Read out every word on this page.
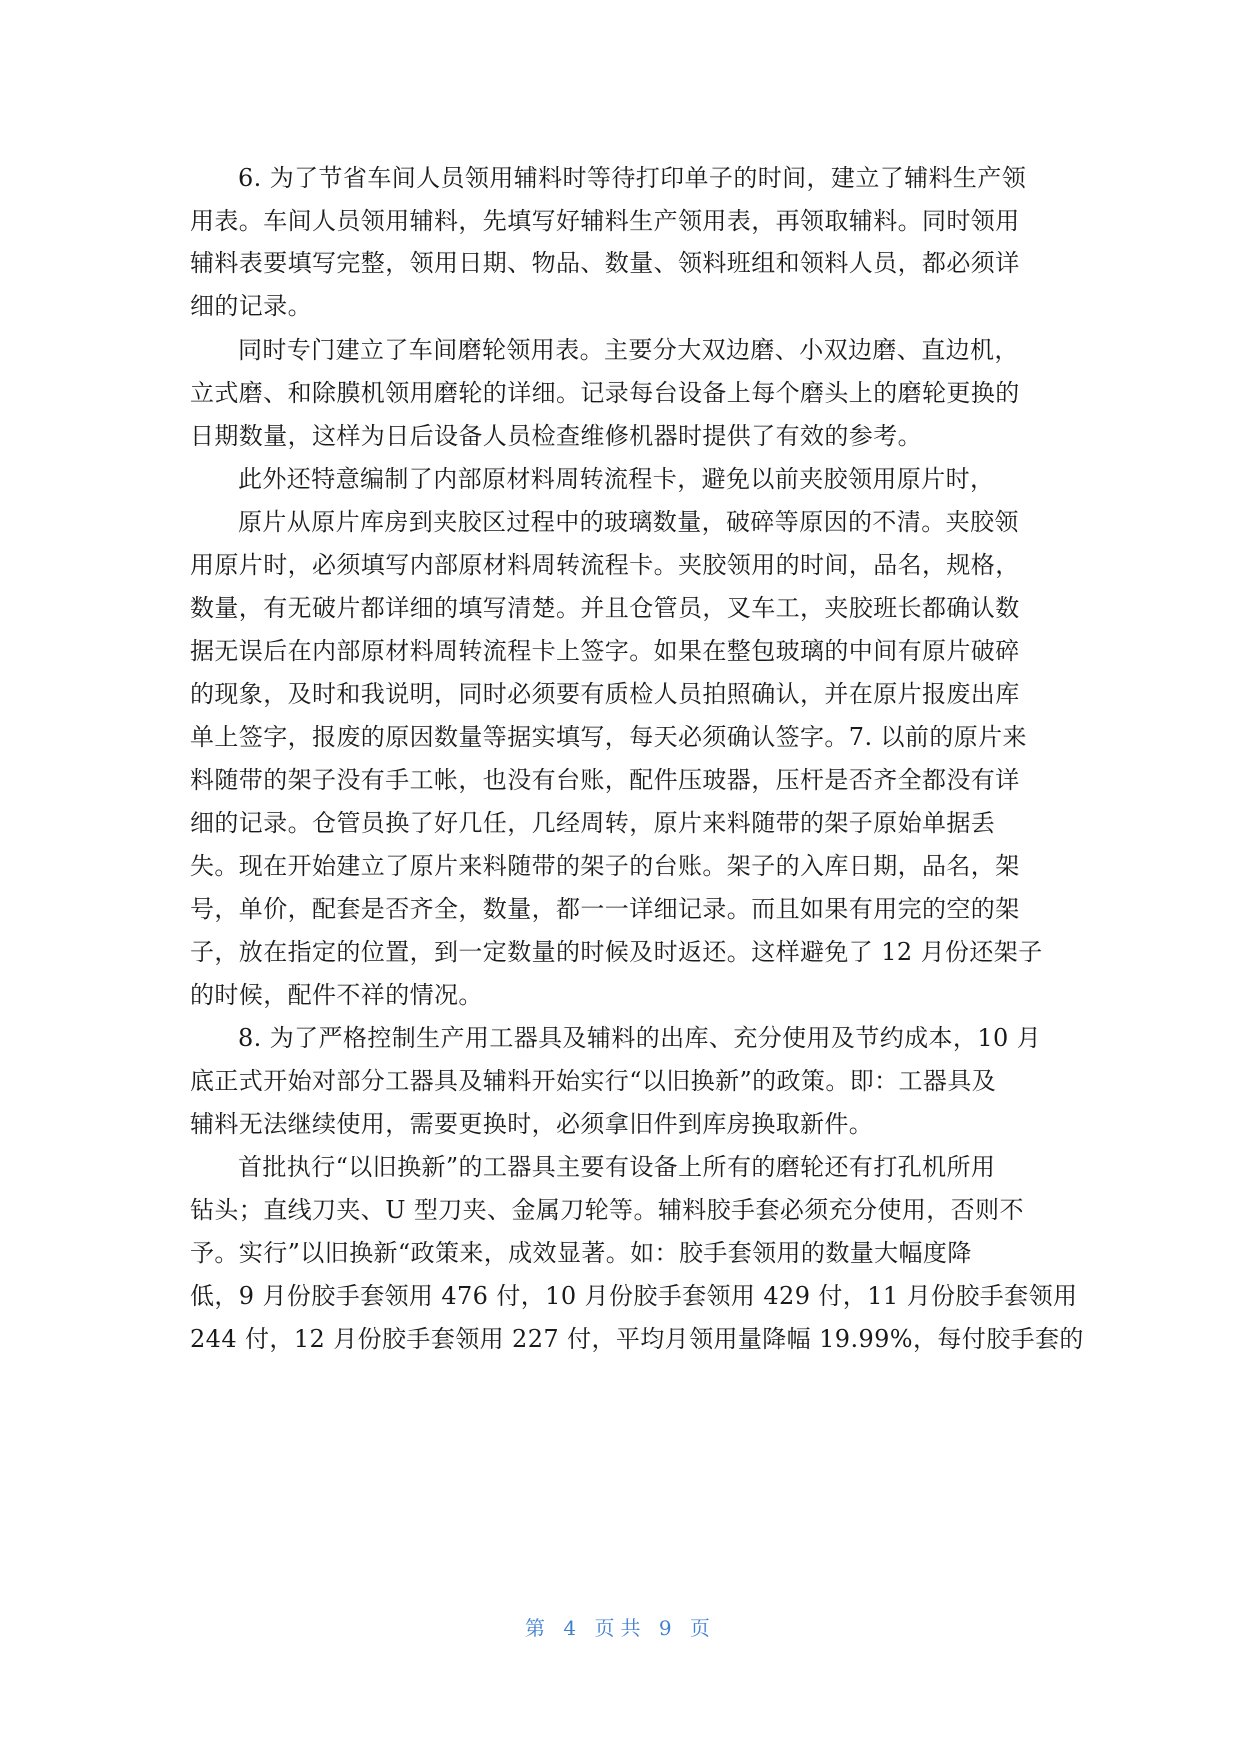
6. 为了节省车间人员领用辅料时等待打印单子的时间，建立了辅料生产领
用表。车间人员领用辅料，先填写好辅料生产领用表，再领取辅料。同时领用
辅料表要填写完整，领用日期、物品、数量、领料班组和领料人员，都必须详
细的记录。
同时专门建立了车间磨轮领用表。主要分大双边磨、小双边磨、直边机，
立式磨、和除膜机领用磨轮的详细。记录每台设备上每个磨头上的磨轮更换的
日期数量，这样为日后设备人员检查维修机器时提供了有效的参考。
此外还特意编制了内部原材料周转流程卡，避免以前夹胶领用原片时，
原片从原片库房到夹胶区过程中的玻璃数量，破碎等原因的不清。夹胶领
用原片时，必须填写内部原材料周转流程卡。夹胶领用的时间，品名，规格，
数量，有无破片都详细的填写清楚。并且仓管员，叉车工，夹胶班长都确认数
据无误后在内部原材料周转流程卡上签字。如果在整包玻璃的中间有原片破碎
的现象，及时和我说明，同时必须要有质检人员拍照确认，并在原片报废出库
单上签字，报废的原因数量等据实填写，每天必须确认签字。7. 以前的原片来
料随带的架子没有手工帐，也没有台账，配件压玻器，压杆是否齐全都没有详
细的记录。仓管员换了好几任，几经周转，原片来料随带的架子原始单据丢
失。现在开始建立了原片来料随带的架子的台账。架子的入库日期，品名，架
号，单价，配套是否齐全，数量，都一一详细记录。而且如果有用完的空的架
子，放在指定的位置，到一定数量的时候及时返还。这样避免了 12 月份还架子
的时候，配件不祥的情况。
8. 为了严格控制生产用工器具及辅料的出库、充分使用及节约成本，10 月
底正式开始对部分工器具及辅料开始实行“以旧换新”的政策。即：工器具及
辅料无法继续使用，需要更换时，必须拿旧件到库房换取新件。
首批执行“以旧换新”的工器具主要有设备上所有的磨轮还有打孔机所用
钻头；直线刀夹、U 型刀夹、金属刀轮等。辅料胶手套必须充分使用，否则不
予。实行”以旧换新“政策来，成效显著。如：胶手套领用的数量大幅度降
低，9 月份胶手套领用 476 付，10 月份胶手套领用 429 付，11 月份胶手套领用
244 付，12 月份胶手套领用 227 付，平均月领用量降幅 19.99%，每付胶手套的
第 4 页共 9 页
